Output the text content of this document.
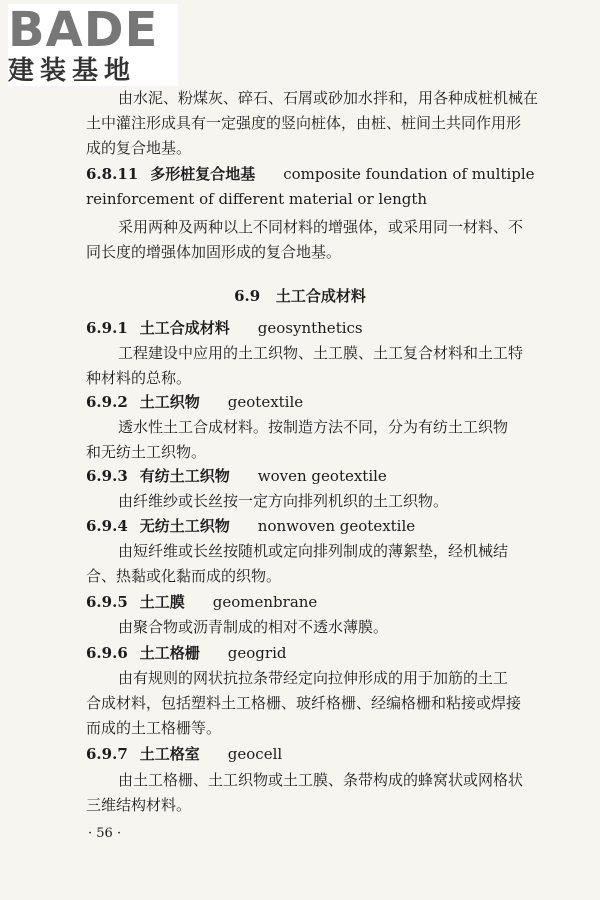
BADE
建装基地
由水泥、粉煤灰、碎石、石屑或砂加水拌和，用各种成桩机械在
土中灌注形成具有一定强度的竖向桩体，由桩、桩间土共同作用形
成的复合地基。
6.8.11 多形桩复合地基 composite foundation of multiple
reinforcement of different material or length
采用两种及两种以上不同材料的增强体，或采用同一材料、不
同长度的增强体加固形成的复合地基。
6.9 土工合成材料
6.9.1 土工合成材料 geosynthetics
工程建设中应用的土工织物、土工膜、土工复合材料和土工特
种材料的总称。
6.9.2 土工织物 geotextile
透水性土工合成材料。按制造方法不同，分为有纺土工织物
和无纺土工织物。
6.9.3 有纺土工织物 woven geotextile
由纤维纱或长丝按一定方向排列机织的土工织物。
6.9.4 无纺土工织物 nonwoven geotextile
由短纤维或长丝按随机或定向排列制成的薄絮垫，经机械结
合、热黏或化黏而成的织物。
6.9.5 土工膜 geomenbrane
由聚合物或沥青制成的相对不透水薄膜。
6.9.6 土工格栅 geogrid
由有规则的网状抗拉条带经定向拉伸形成的用于加筋的土工
合成材料，包括塑料土工格栅、玻纤格栅、经编格栅和粘接或焊接
而成的土工格栅等。
6.9.7 土工格室 geocell
由土工格栅、土工织物或土工膜、条带构成的蜂窝状或网格状
三维结构材料。
· 56 ·
